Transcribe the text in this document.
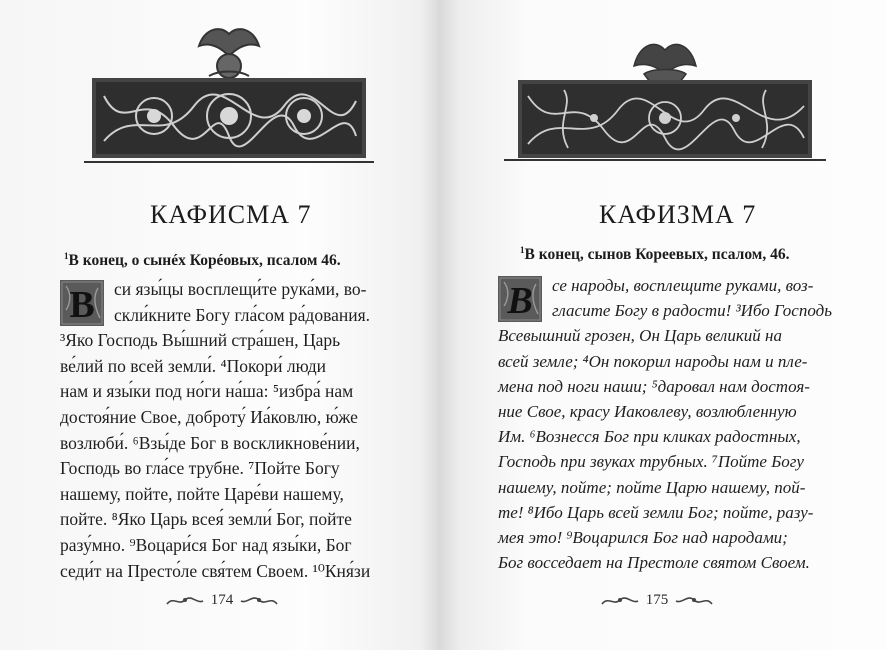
КАФИСМА 7
$^1$В конец, о сынéх Корéовых, псалом 46.
В	си язы́цы восплещи́те рука́ми, во-
скли́кните Богу гла́сом ра́дования.
³Яко Господь Вы́шний стра́шен, Царь
ве́лий по всей земли́. ⁴Покори́ люди
нам и язы́ки под но́ги на́ша: ⁵избра́ нам
достоя́ние Свое, доброту́ Иа́ковлю, ю́же
возлюби́. ⁶Взы́де Бог в воскликнове́нии,
Господь во гла́се трубне. ⁷Пойте Богу
нашему, пойте, пойте Царе́ви нашему,
пойте. ⁸Яко Царь всея́ земли́ Бог, пойте
разу́мно. ⁹Воцари́ся Бог над язы́ки, Бог
седи́т на Престо́ле свя́тем Своем. ¹⁰Кня́зи
174
КАФИЗМА 7
$^1$В конец, сынов Кореевых, псалом, 46.
В	се народы, восплещите руками, воз-
гласите Богу в радости! ³Ибо Господь
Всевышний грозен, Он Царь великий на
всей земле; ⁴Он покорил народы нам и пле-
мена под ноги наши; ⁵даровал нам достоя-
ние Свое, красу Иаковлеву, возлюбленную
Им. ⁶Вознесся Бог при кликах радостных,
Господь при звуках трубных. ⁷Пойте Богу
нашему, пойте; пойте Царю нашему, пой-
те! ⁸Ибо Царь всей земли Бог; пойте, разу-
мея это! ⁹Воцарился Бог над народами;
Бог восседает на Престоле святом Своем.
175
